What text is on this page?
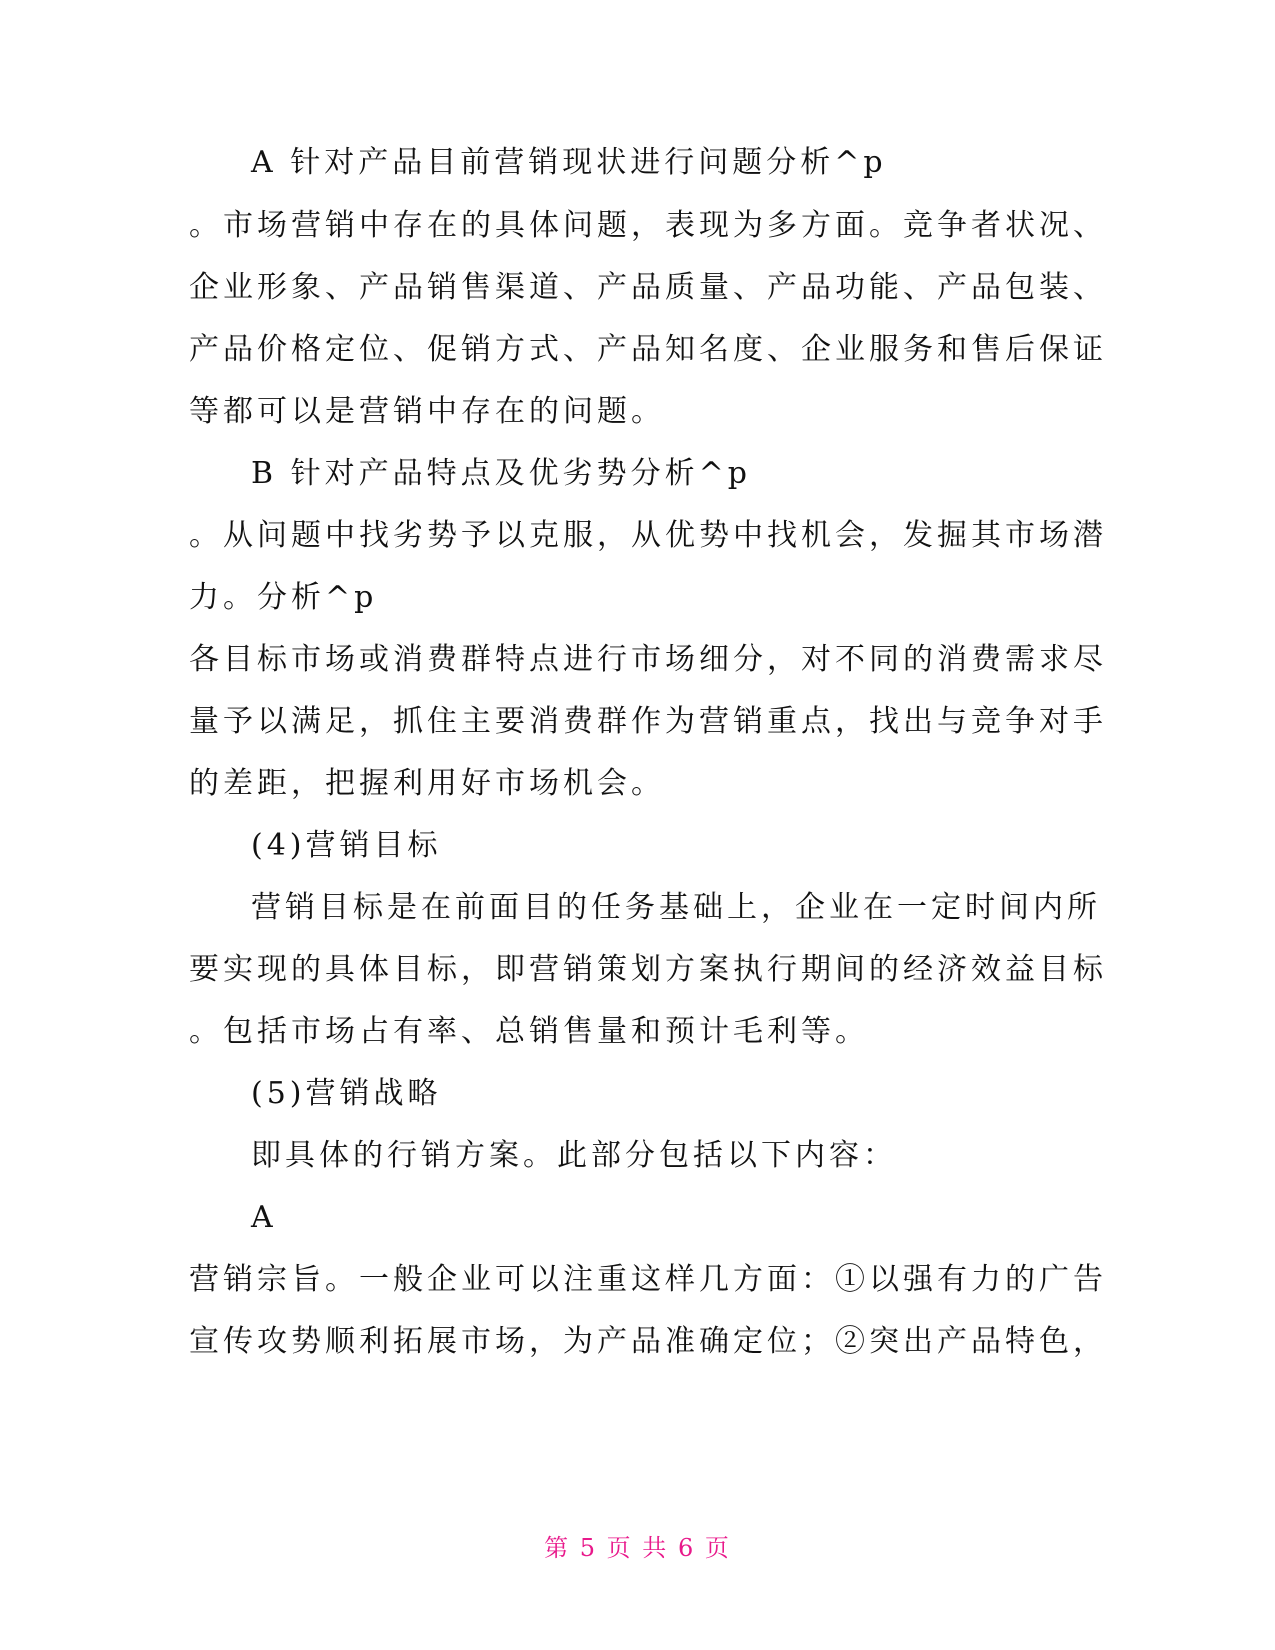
A 针对产品目前营销现状进行问题分析^p
。市场营销中存在的具体问题，表现为多方面。竞争者状况、
企业形象、产品销售渠道、产品质量、产品功能、产品包装、
产品价格定位、促销方式、产品知名度、企业服务和售后保证
等都可以是营销中存在的问题。
B 针对产品特点及优劣势分析^p
。从问题中找劣势予以克服，从优势中找机会，发掘其市场潜
力。分析^p
各目标市场或消费群特点进行市场细分，对不同的消费需求尽
量予以满足，抓住主要消费群作为营销重点，找出与竞争对手
的差距，把握利用好市场机会。
(4)营销目标
营销目标是在前面目的任务基础上，企业在一定时间内所
要实现的具体目标，即营销策划方案执行期间的经济效益目标
。包括市场占有率、总销售量和预计毛利等。
(5)营销战略
即具体的行销方案。此部分包括以下内容：
A
营销宗旨。一般企业可以注重这样几方面：①以强有力的广告
宣传攻势顺利拓展市场，为产品准确定位；②突出产品特色，
第 5 页 共 6 页
